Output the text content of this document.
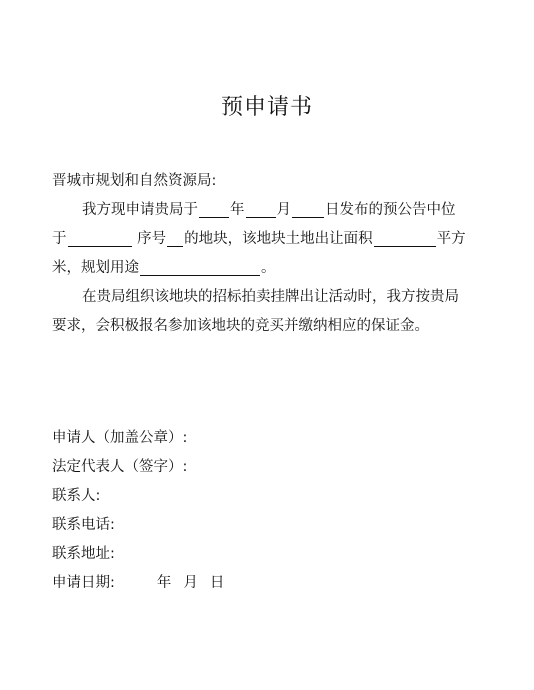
预申请书
晋城市规划和自然资源局:
我方现申请贵局于 年 月 日发布的预公告中位
于	序号 的地块，该地块土地出让面积	平方
米，规划用途	。
在贵局组织该地块的招标拍卖挂牌出让活动时，我方按贵局
要求，会积极报名参加该地块的竞买并缴纳相应的保证金。
申请人（加盖公章）:
法定代表人（签字）:
联系人:
联系电话:
联系地址:
申请日期:	年 月 日
